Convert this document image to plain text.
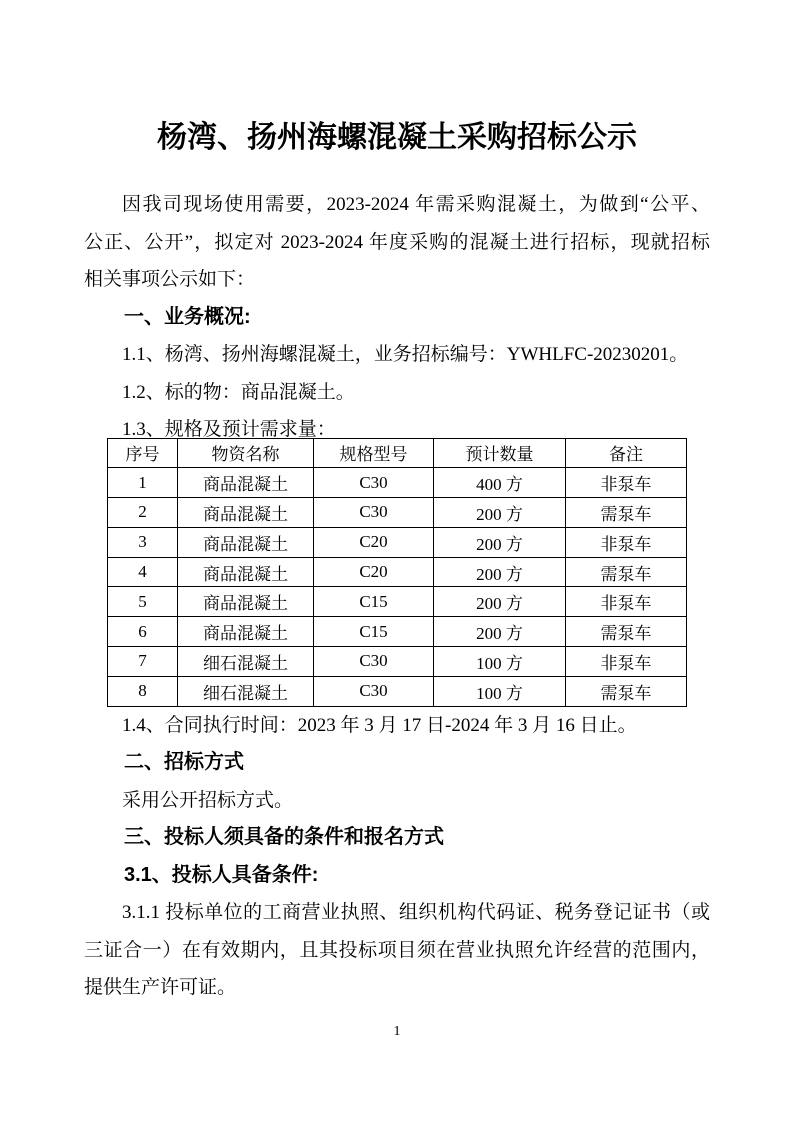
杨湾、扬州海螺混凝土采购招标公示

因我司现场使用需要，2023-2024 年需采购混凝土，为做到“公平、

公正、公开”，拟定对 2023-2024 年度采购的混凝土进行招标，现就招标

相关事项公示如下：

一、业务概况:

1.1、杨湾、扬州海螺混凝土，业务招标编号：YWHLFC-20230201。

1.2、标的物：商品混凝土。

1.3、规格及预计需求量：

序号	物资名称	规格型号	预计数量	备注
1	商品混凝土	C30	400 方	非泵车
2	商品混凝土	C30	200 方	需泵车
3	商品混凝土	C20	200 方	非泵车
4	商品混凝土	C20	200 方	需泵车
5	商品混凝土	C15	200 方	非泵车
6	商品混凝土	C15	200 方	需泵车
7	细石混凝土	C30	100 方	非泵车
8	细石混凝土	C30	100 方	需泵车

1.4、合同执行时间：2023 年 3 月 17 日-2024 年 3 月 16 日止。

二、招标方式

采用公开招标方式。

三、投标人须具备的条件和报名方式

3.1、投标人具备条件:

3.1.1 投标单位的工商营业执照、组织机构代码证、税务登记证书（或

三证合一）在有效期内，且其投标项目须在营业执照允许经营的范围内，

提供生产许可证。

1
